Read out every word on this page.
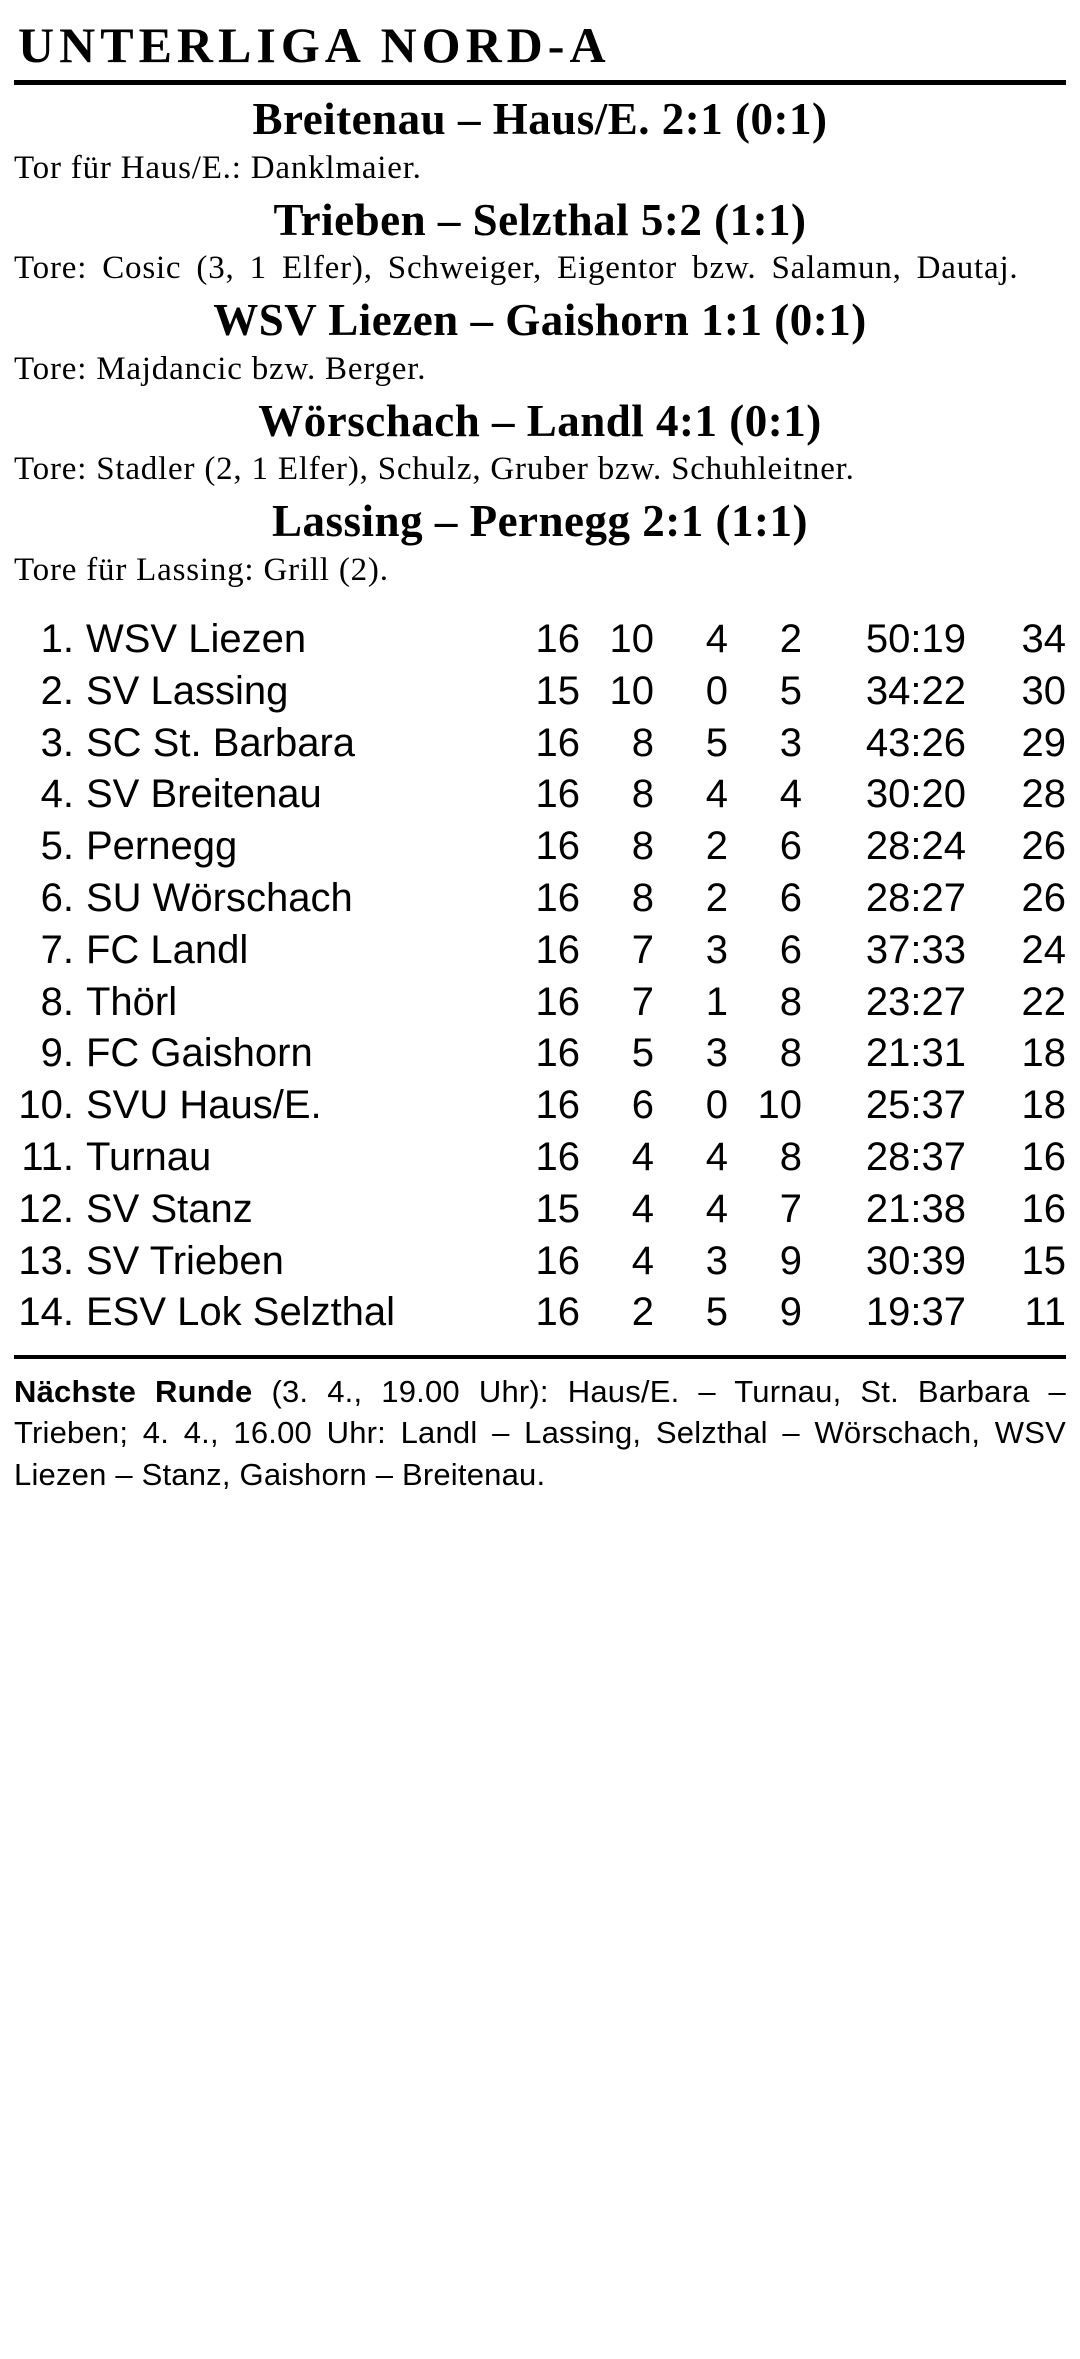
UNTERLIGA NORD-A
Breitenau – Haus/E. 2:1 (0:1)
Tor für Haus/E.: Danklmaier.
Trieben – Selzthal 5:2 (1:1)
Tore: Cosic (3, 1 Elfer), Schweiger, Eigentor bzw. Salamun, Dautaj.
WSV Liezen – Gaishorn 1:1 (0:1)
Tore: Majdancic bzw. Berger.
Wörschach – Landl 4:1 (0:1)
Tore: Stadler (2, 1 Elfer), Schulz, Gruber bzw. Schuhleitner.
Lassing – Pernegg 2:1 (1:1)
Tore für Lassing: Grill (2).
1.	WSV Liezen	16	10	4	2	50:19	34
2.	SV Lassing	15	10	0	5	34:22	30
3.	SC St. Barbara	16	8	5	3	43:26	29
4.	SV Breitenau	16	8	4	4	30:20	28
5.	Pernegg	16	8	2	6	28:24	26
6.	SU Wörschach	16	8	2	6	28:27	26
7.	FC Landl	16	7	3	6	37:33	24
8.	Thörl	16	7	1	8	23:27	22
9.	FC Gaishorn	16	5	3	8	21:31	18
10.	SVU Haus/E.	16	6	0	10	25:37	18
11.	Turnau	16	4	4	8	28:37	16
12.	SV Stanz	15	4	4	7	21:38	16
13.	SV Trieben	16	4	3	9	30:39	15
14.	ESV Lok Selzthal	16	2	5	9	19:37	11
Nächste Runde (3. 4., 19.00 Uhr): Haus/E. – Turnau, St. Barbara – Trieben; 4. 4., 16.00 Uhr: Landl – Lassing, Selzthal – Wörschach, WSV Liezen – Stanz, Gaishorn – Breitenau.
